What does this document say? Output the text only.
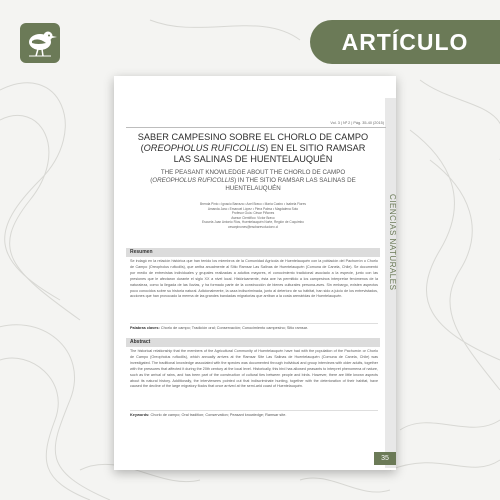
ARTÍCULO
CIENCIAS NATURALES
Vol. 3 | Nº 2 | Pág. 35-40 (2015)
SABER CAMPESINO SOBRE EL CHORLO DE CAMPO (OREOPHOLUS RUFICOLLIS) EN EL SITIO RAMSAR LAS SALINAS DE HUENTELAUQUÉN
THE PEASANT KNOWLEDGE ABOUT THE CHORLO DE CAMPO (OREOPHOLUS RUFICOLLIS) IN THE SITIO RAMSAR LAS SALINAS DE HUENTELAUQUÉN
Brenda Pinto • Ignacio Barraza • Axel Bravo • María Castro • Isabela Flores
Amanda Jara • Emanuel López • Piera Palma • Magdalena Soto
Profesor Guía: César Piñones
Asesor Científico: Víctor Bravo
Escuela Juan Antonio Ríos, Huentelauquén Norte, Región de Coquimbo
cesarpinones@escbarevolucionx.cl
Resumen
Se indagó en la relación histórica que han tenido los miembros de la Comunidad Agrícola de Huentelauquén con la población del Pachurrón o Chorlo de Campo (Oreopholus ruficollis), que arriba anualmente al Sitio Ramsar Las Salinas de Huentelauquén (Comuna de Canela, Chile). Se documentó por medio de entrevistas individuales y grupales realizadas a adultos mayores, el conocimiento tradicional asociado a la especie, junto con las presiones que le afectaron durante el siglo XX a nivel local. Históricamente, ésta ave ha permitido a los campesinos interpretar fenómenos de la naturaleza, como la llegada de las lluvias, y ha formado parte de la construcción de bienes culturales persona-aves. Sin embargo, existen aspectos poco conocidos sobre su historia natural. Adicionalmente, la caza indiscriminada, junto al deterioro de su hábitat, han sido a juicio de los entrevistados, acciones que han provocado la merma de las grandes bandadas migratorias que arriban a la costa arenáridas de Huentelauquén.
Palabras claves: Chorlo de campo; Tradición oral; Conservación; Conocimiento campesino; Sitio ramsar.
Abstract
The historical relationship that the members of the Agricultural Community of Huentelauquén have had with the population of the Pachurrón or Chorlo de Campo (Oreopholus ruficollis), which annually arrives at the Ramsar Site Las Salinas de Huentelauquén (Comuna de Canela, Chile) was investigated. The traditional knowledge associated with the species was documented through individual and group interviews with older adults, together with the pressures that affected it during the 20th century at the local level. Historically, this bird has allowed peasants to interpret phenomena of nature, such as the arrival of rains, and has been part of the construction of cultural ties between people and birds. However, there are little known aspects about its natural history. Additionally, the interviewees pointed out that indiscriminate hunting, together with the deterioration of their habitat, have caused the decline of the large migratory flocks that once arrived at the semi-arid coast of Huentelauquén.
Keywords: Chorlo de campo; Oral tradition; Conservation; Peasant knowledge; Ramsar site.
35
